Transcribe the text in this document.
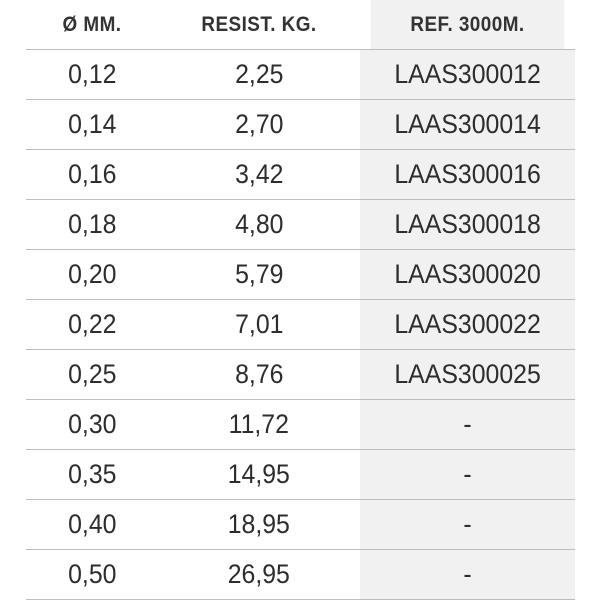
Ø MM.	RESIST. KG.	REF. 3000M.
0,12	2,25	LAAS300012
0,14	2,70	LAAS300014
0,16	3,42	LAAS300016
0,18	4,80	LAAS300018
0,20	5,79	LAAS300020
0,22	7,01	LAAS300022
0,25	8,76	LAAS300025
0,30	11,72	-
0,35	14,95	-
0,40	18,95	-
0,50	26,95	-
